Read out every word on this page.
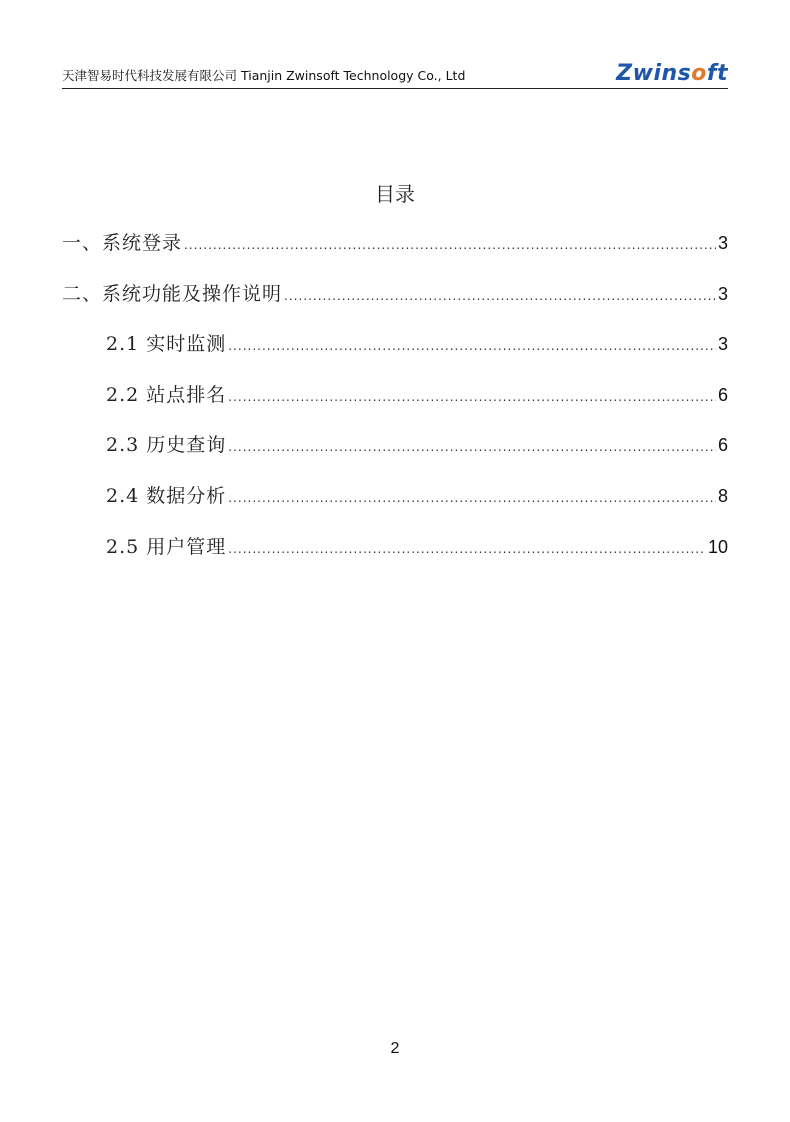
天津智易时代科技发展有限公司 Tianjin Zwinsoft Technology Co., Ltd	Zwinsoft
目录
一、系统登录 .....	3
二、系统功能及操作说明 .....	3
2.1 实时监测 .....	3
2.2 站点排名 .....	6
2.3 历史查询 .....	6
2.4 数据分析 .....	8
2.5 用户管理 .....	10
2
